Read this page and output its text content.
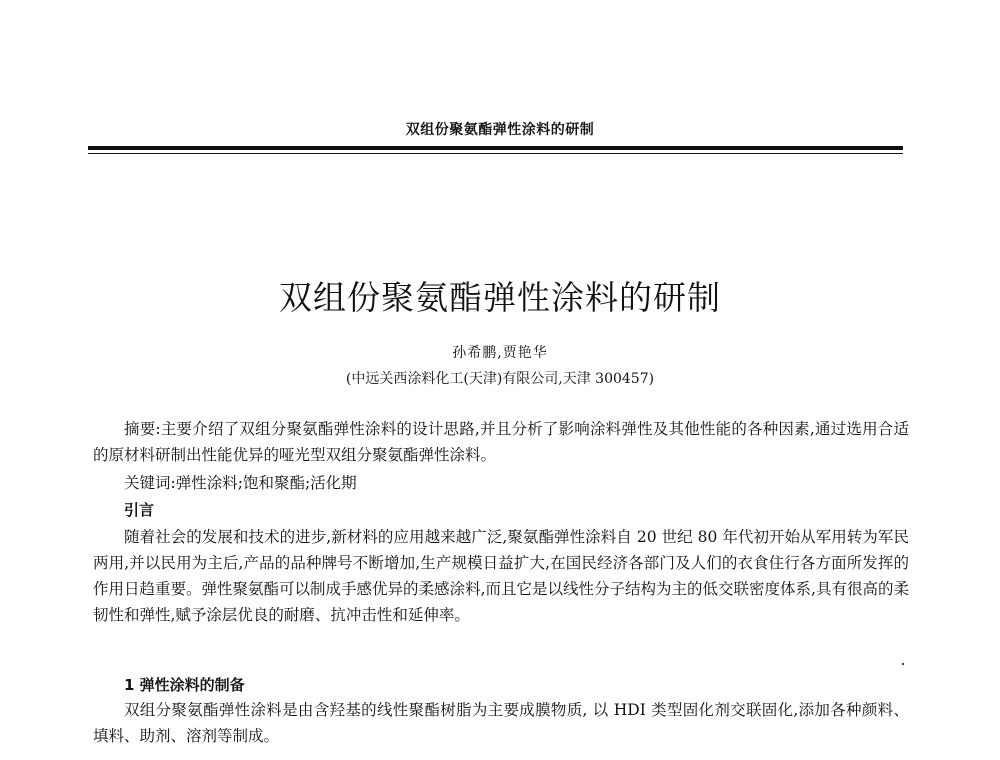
双组份聚氨酯弹性涂料的研制
双组份聚氨酯弹性涂料的研制
孙希鹏,贾艳华
(中远关西涂料化工(天津)有限公司,天津 300457)
摘要:主要介绍了双组分聚氨酯弹性涂料的设计思路,并且分析了影响涂料弹性及其他性能的各种因素,通过选用合适的原材料研制出性能优异的哑光型双组分聚氨酯弹性涂料。
关键词:弹性涂料;饱和聚酯;活化期
引言
随着社会的发展和技术的进步,新材料的应用越来越广泛,聚氨酯弹性涂料自 20 世纪 80 年代初开始从军用转为军民两用,并以民用为主后,产品的品种牌号不断增加,生产规模日益扩大,在国民经济各部门及人们的衣食住行各方面所发挥的作用日趋重要。弹性聚氨酯可以制成手感优异的柔感涂料,而且它是以线性分子结构为主的低交联密度体系,具有很高的柔韧性和弹性,赋予涂层优良的耐磨、抗冲击性和延伸率。
1 弹性涂料的制备
双组分聚氨酯弹性涂料是由含羟基的线性聚酯树脂为主要成膜物质, 以 HDI 类型固化剂交联固化,添加各种颜料、填料、助剂、溶剂等制成。
